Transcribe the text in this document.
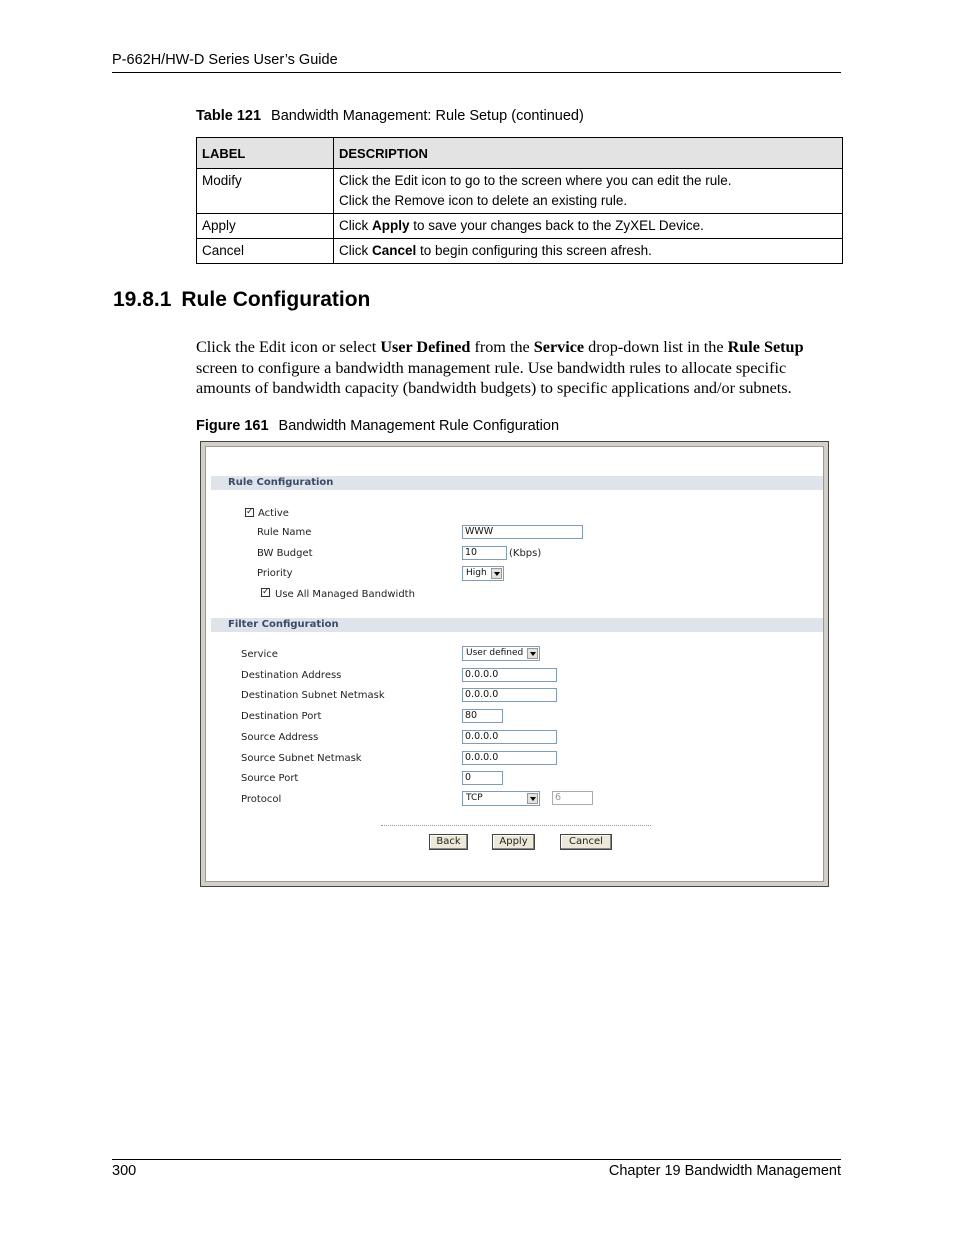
P-662H/HW-D Series User’s Guide
Table 121 Bandwidth Management: Rule Setup (continued)
LABEL	DESCRIPTION
Modify	Click the Edit icon to go to the screen where you can edit the rule.
Click the Remove icon to delete an existing rule.

Apply	Click Apply to save your changes back to the ZyXEL Device.
Cancel	Click Cancel to begin configuring this screen afresh.
19.8.1 Rule Configuration
Click the Edit icon or select User Defined from the Service drop-down list in the Rule Setup screen to configure a bandwidth management rule. Use bandwidth rules to allocate specific amounts of bandwidth capacity (bandwidth budgets) to specific applications and/or subnets.
Figure 161 Bandwidth Management Rule Configuration
Rule Configuration
✓ Active
Rule Name	WWW
BW Budget	10	(Kbps)
Priority	High
✓ Use All Managed Bandwidth
Filter Configuration
Service	User defined
Destination Address	0.0.0.0
Destination Subnet Netmask	0.0.0.0
Destination Port	80
Source Address	0.0.0.0
Source Subnet Netmask	0.0.0.0
Source Port	0
Protocol	TCP	6
Back	Apply	Cancel
300	Chapter 19 Bandwidth Management
